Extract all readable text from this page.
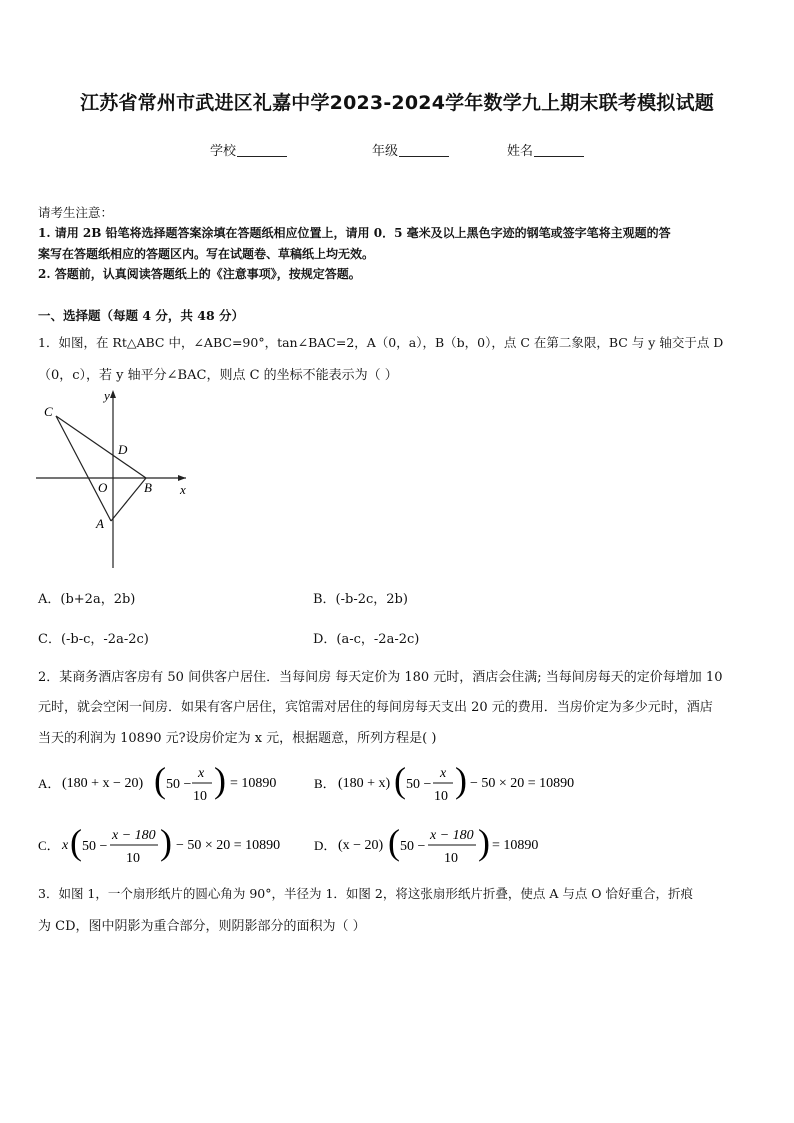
江苏省常州市武进区礼嘉中学2023-2024学年数学九上期末联考模拟试题
学校	年级	姓名
请考生注意：
1. 请用 2B 铅笔将选择题答案涂填在答题纸相应位置上，请用 0．5 毫米及以上黑色字迹的钢笔或签字笔将主观题的答
案写在答题纸相应的答题区内。写在试题卷、草稿纸上均无效。
2. 答题前，认真阅读答题纸上的《注意事项》，按规定答题。
一、选择题（每题 4 分，共 48 分）
1．如图，在 Rt△ABC 中，∠ABC=90°，tan∠BAC=2，A（0，a），B（b，0），点 C 在第二象限，BC 与 y 轴交于点 D
（0，c），若 y 轴平分∠BAC，则点 C 的坐标不能表示为（ ）
C
D
O	B
A
x
y
A．(b+2a，2b)	B．(-b-2c，2b)
C．(-b-c，-2a-2c)	D．(a-c，-2a-2c)
2．某商务酒店客房有 50 间供客户居住．当每间房 每天定价为 180 元时，酒店会住满; 当每间房每天的定价每增加 10
元时，就会空闲一间房．如果有客户居住，宾馆需对居住的每间房每天支出 20 元的费用．当房价定为多少元时，酒店
当天的利润为 10890 元?设房价定为 x 元，根据题意，所列方程是( )
A． (180 + x − 20) ( 50 −
x
10 ) = 10890	B． (180 + x) ( 50 −
x
10 ) − 50 × 20 = 10890
C． x ( 50 −
x − 180
10 ) − 50 × 20 = 10890	D． (x − 20) ( 50 −
x − 180
10 ) = 10890
3．如图 1，一个扇形纸片的圆心角为 90°，半径为 1．如图 2，将这张扇形纸片折叠，使点 A 与点 O 恰好重合，折痕
为 CD，图中阴影为重合部分，则阴影部分的面积为（ ）
